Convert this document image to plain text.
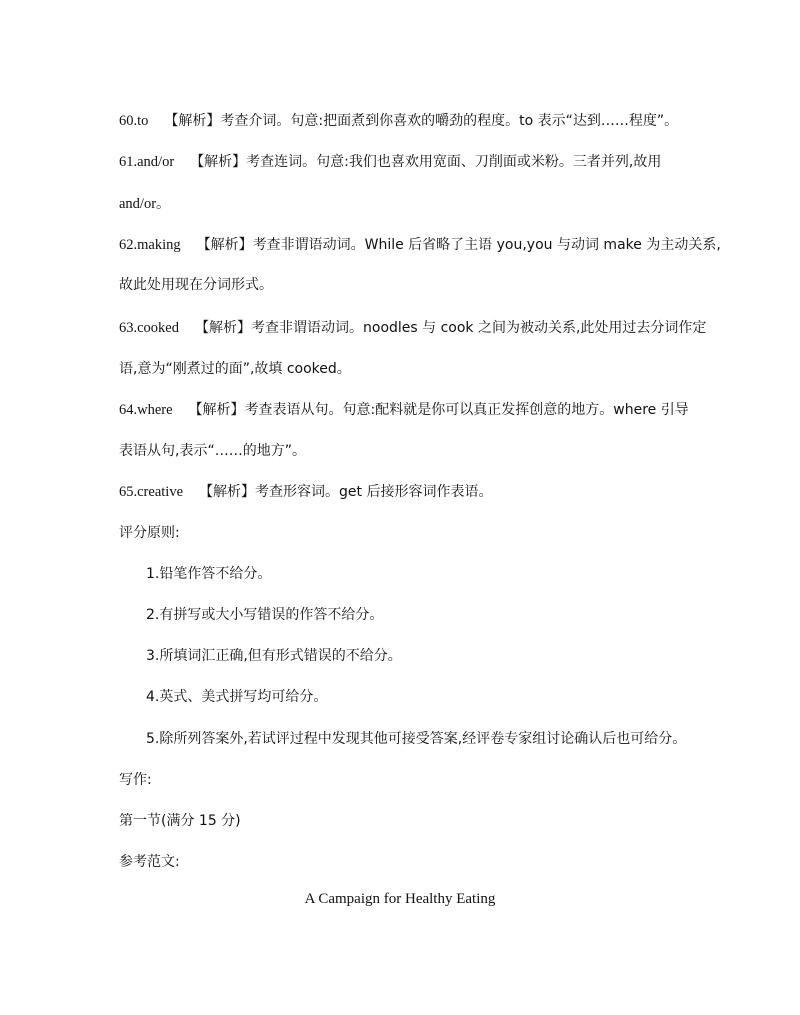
60.to 【解析】考查介词。句意:把面煮到你喜欢的嚼劲的程度。to 表示“达到……程度”。
61.and/or 【解析】考查连词。句意:我们也喜欢用宽面、刀削面或米粉。三者并列,故用
and/or。
62.making 【解析】考查非谓语动词。While 后省略了主语 you,you 与动词 make 为主动关系,
故此处用现在分词形式。
63.cooked 【解析】考查非谓语动词。noodles 与 cook 之间为被动关系,此处用过去分词作定
语,意为“刚煮过的面”,故填 cooked。
64.where 【解析】考查表语从句。句意:配料就是你可以真正发挥创意的地方。where 引导
表语从句,表示“……的地方”。
65.creative 【解析】考查形容词。get 后接形容词作表语。
评分原则:
1.铅笔作答不给分。
2.有拼写或大小写错误的作答不给分。
3.所填词汇正确,但有形式错误的不给分。
4.英式、美式拼写均可给分。
5.除所列答案外,若试评过程中发现其他可接受答案,经评卷专家组讨论确认后也可给分。
写作:
第一节(满分 15 分)
参考范文:
A Campaign for Healthy Eating
